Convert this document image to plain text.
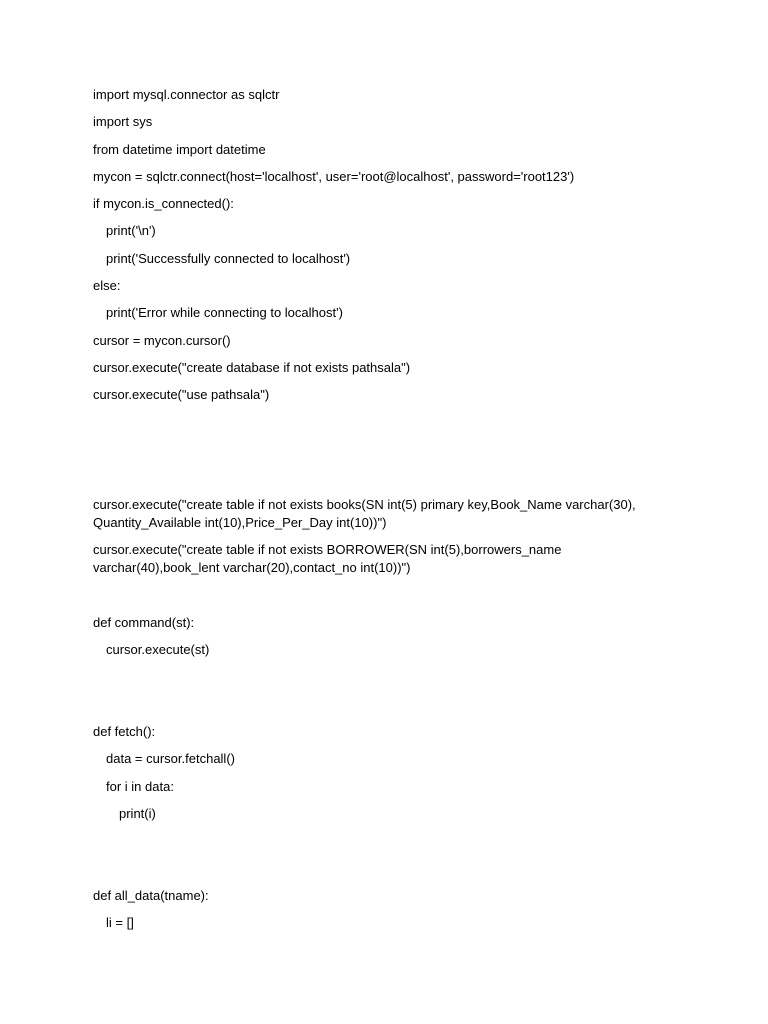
import mysql.connector as sqlctr
import sys
from datetime import datetime
mycon = sqlctr.connect(host='localhost', user='root@localhost', password='root123')
if mycon.is_connected():
print('\n')
print('Successfully connected to localhost')
else:
print('Error while connecting to localhost')
cursor = mycon.cursor()
cursor.execute("create database if not exists pathsala")
cursor.execute("use pathsala")
cursor.execute("create table if not exists books(SN int(5) primary key,Book_Name varchar(30),
Quantity_Available int(10),Price_Per_Day int(10))")
cursor.execute("create table if not exists BORROWER(SN int(5),borrowers_name
varchar(40),book_lent varchar(20),contact_no int(10))")
def command(st):
cursor.execute(st)
def fetch():
data = cursor.fetchall()
for i in data:
print(i)
def all_data(tname):
li = []
